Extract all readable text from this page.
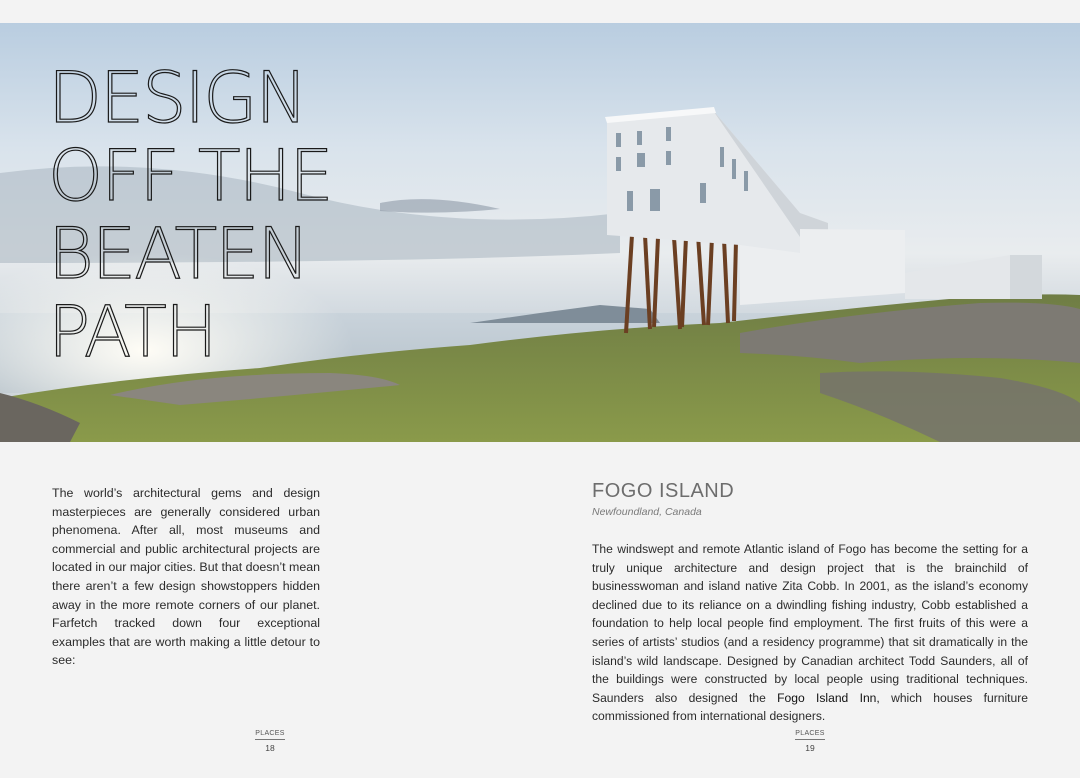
DESIGN
OFF THE
BEATEN
PATH

The world’s architectural gems and design masterpieces are generally considered urban phenomena. After all, most museums and commercial and public architectural projects are located in our major cities. But that doesn’t mean there aren’t a few design showstoppers hidden away in the more remote corners of our planet. Farfetch tracked down four exceptional examples that are worth making a little detour to see:

FOGO ISLAND

Newfoundland, Canada

The windswept and remote Atlantic island of Fogo has become the setting for a truly unique architecture and design project that is the brainchild of businesswoman and island native Zita Cobb. In 2001, as the island’s economy declined due to its reliance on a dwindling fishing industry, Cobb established a foundation to help local people find employment. The first fruits of this were a series of artists’ studios (and a residency programme) that sit dramatically in the island’s wild landscape. Designed by Canadian architect Todd Saunders, all of the buildings were constructed by local people using traditional techniques. Saunders also designed the Fogo Island Inn, which houses furniture commissioned from international designers.

PLACES
18
PLACES
19
